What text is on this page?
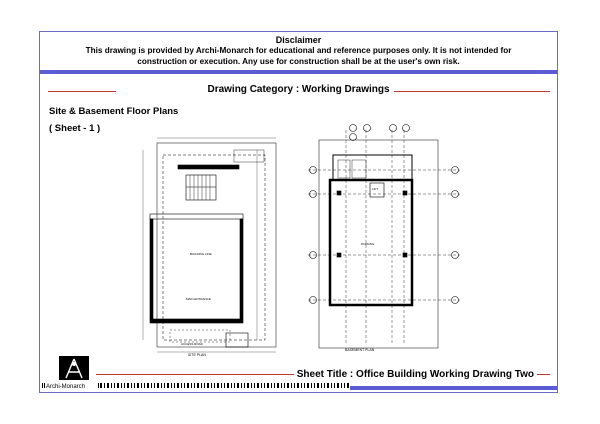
Disclaimer
This drawing is provided by Archi-Monarch for educational and reference purposes only. It is not intended for
construction or execution. Any use for construction shall be at the user's own risk.
Drawing Category : Working Drawings
Site & Basement Floor Plans
( Sheet - 1 )
Sheet Title : Office Building Working Drawing Two
BUILDING LINE
MAIN ENTRANCE
ACCESS ROAD
SITE PLAN
PARKING
LIFT
BASEMENT PLAN
Archi-Monarch
